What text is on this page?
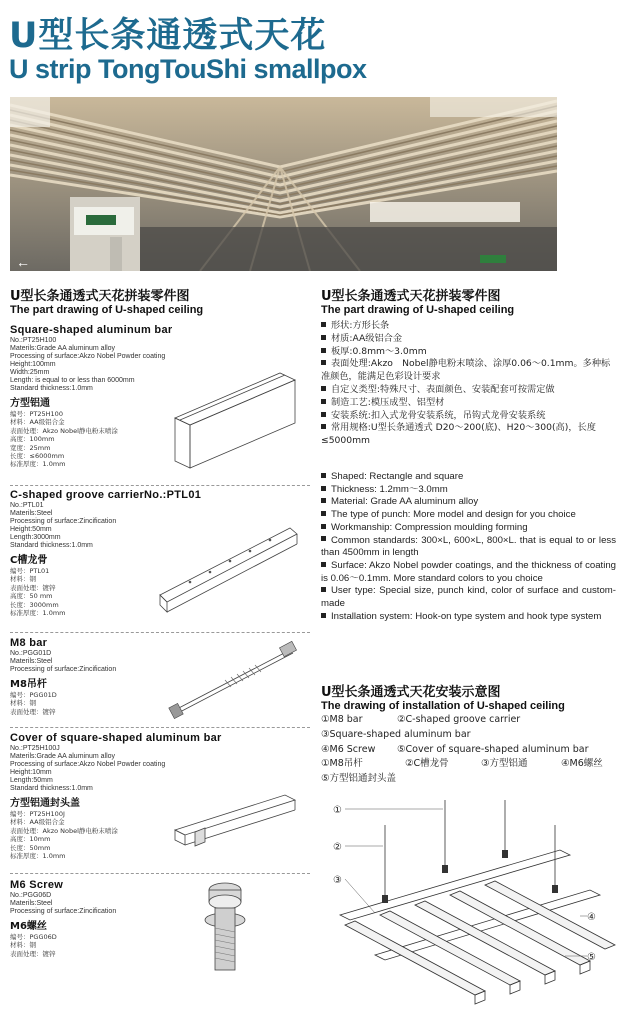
U型长条通透式天花
U strip TongTouShi smallpox
←
U型长条通透式天花拼装零件图
The part drawing of U-shaped ceiling
Square-shaped aluminum bar
No.:PT25H100
Materils:Grade AA aluminum alloy
Processing of surface:Akzo Nobel Powder coating
Height:100mm
Width:25mm
Length: is equal to or less than 6000mm
Standard thickness:1.0mm
方型铝通
编号：PT25H100
材料：AA级铝合金
表面处理：Akzo Nobel静电粉末喷涂
高度：100mm
宽度：25mm
长度：≤6000mm
标准厚度：1.0mm
C-shaped groove carrierNo.:PTL01
No.:PTL01
Materils:Steel
Processing of surface:Zincification
Height:50mm
Length:3000mm
Standard thickness:1.0mm
C槽龙骨
编号：PTL01
材料：钢
表面处理：镀锌
高度：50 mm
长度：3000mm
标准厚度：1.0mm
M8 bar
No.:PGG01D
Materils:Steel
Processing of surface:Zincification
M8吊杆
编号：PGG01D
材料：钢
表面处理：镀锌
Cover of square-shaped aluminum bar
No.:PT25H100J
Materils:Grade AA aluminum alloy
Processing of surface:Akzo Nobel Powder coating
Height:10mm
Length:50mm
Standard thickness:1.0mm
方型铝通封头盖
编号：PT25H100J
材料：AA级铝合金
表面处理：Akzo Nobel静电粉末喷涂
高度：10mm
长度：50mm
标准厚度：1.0mm
M6 Screw
No.:PGG06D
Materils:Steel
Processing of surface:Zincification
M6螺丝
编号：PGG06D
材料：钢
表面处理：镀锌
U型长条通透式天花拼装零件图
The part drawing of U-shaped ceiling
形状:方形长条
材质:AA级铝合金
板厚:0.8mm～3.0mm
表面处理:Akzo　Nobel静电粉末喷涂、涂厚0.06～0.1mm。多种标准颜色，能满足色彩设计要求
自定义类型:特殊尺寸、表面颜色、安装配套可按需定做
制造工艺:模压成型、铝型材
安装系统:扣入式龙骨安装系统，吊钩式龙骨安装系统
常用规格:U型长条通透式 D20～200(底)、H20～300(高)，长度≤5000mm
Shaped: Rectangle and square
Thickness: 1.2mm～3.0mm
Material: Grade AA aluminum alloy
The type of punch: More model and design for you choice
Workmanship: Compression moulding forming
Common standards: 300×L, 600×L, 800×L. that is equal to or less than 4500mm in length
Surface: Akzo Nobel powder coatings, and the thickness of coating is 0.06～0.1mm. More standard colors to you choice
User type: Special size, punch kind, color of surface and custom-made
Installation system: Hook-on type system and hook type system
U型长条通透式天花安装示意图
The drawing of installation of U-shaped ceiling
①M8 bar	②C-shaped groove carrier
③Square-shaped aluminum bar
④M6 Screw ⑤Cover of square-shaped aluminum bar
①M8吊杆	②C槽龙骨	③方型铝通	④M6螺丝
⑤方型铝通封头盖
①
②
③
④
⑤
